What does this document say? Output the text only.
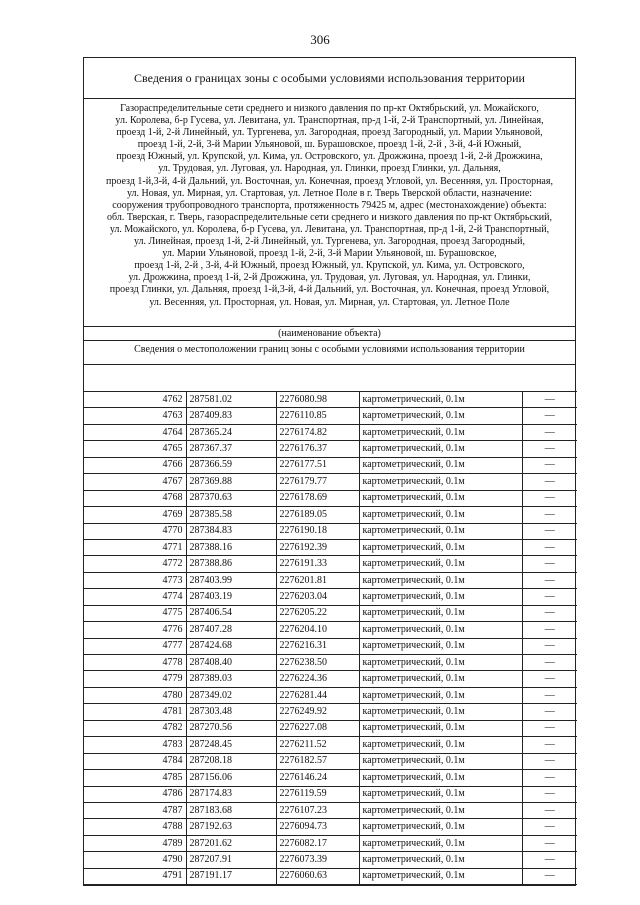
306
Сведения о границах зоны с особыми условиями использования территории
Газораспределительные сети среднего и низкого давления по пр-кт Октябрьский, ул. Можайского,
ул. Королева, б-р Гусева, ул. Левитана, ул. Транспортная, пр-д 1-й, 2-й Транспортный, ул. Линейная,
проезд 1-й, 2-й Линейный, ул. Тургенева, ул. Загородная, проезд Загородный, ул. Марии Ульяновой,
проезд 1-й, 2-й, 3-й Марии Ульяновой, ш. Бурашовское, проезд 1-й, 2-й , 3-й, 4-й Южный,
проезд Южный, ул. Крупской, ул. Кима, ул. Островского, ул. Дрожжина, проезд 1-й, 2-й Дрожжина,
ул. Трудовая, ул. Луговая, ул. Народная, ул. Глинки, проезд Глинки, ул. Дальняя,
проезд 1-й,3-й, 4-й Дальний, ул. Восточная, ул. Конечная, проезд Угловой, ул. Весенняя, ул. Просторная,
ул. Новая, ул. Мирная, ул. Стартовая, ул. Летное Поле в г. Тверь Тверской области, назначение:
сооружения трубопроводного транспорта, протяженность 79425 м, адрес (местонахождение) объекта:
обл. Тверская, г. Тверь, газораспределительные сети среднего и низкого давления по пр-кт Октябрьский,
ул. Можайского, ул. Королева, б-р Гусева, ул. Левитана, ул. Транспортная, пр-д 1-й, 2-й Транспортный,
ул. Линейная, проезд 1-й, 2-й Линейный, ул. Тургенева, ул. Загородная, проезд Загородный,
ул. Марии Ульяновой, проезд 1-й, 2-й, 3-й Марии Ульяновой, ш. Бурашовское,
проезд 1-й, 2-й , 3-й, 4-й Южный, проезд Южный, ул. Крупской, ул. Кима, ул. Островского,
ул. Дрожжина, проезд 1-й, 2-й Дрожжина, ул. Трудовая, ул. Луговая, ул. Народная, ул. Глинки,
проезд Глинки, ул. Дальняя, проезд 1-й,3-й, 4-й Дальний, ул. Восточная, ул. Конечная, проезд Угловой,
ул. Весенняя, ул. Просторная, ул. Новая, ул. Мирная, ул. Стартовая, ул. Летное Поле
(наименование объекта)
Сведения о местоположении границ зоны с особыми условиями использования территории
4762	287581.02	2276080.98	картометрический, 0.1м	—
4763	287409.83	2276110.85	картометрический, 0.1м	—
4764	287365.24	2276174.82	картометрический, 0.1м	—
4765	287367.37	2276176.37	картометрический, 0.1м	—
4766	287366.59	2276177.51	картометрический, 0.1м	—
4767	287369.88	2276179.77	картометрический, 0.1м	—
4768	287370.63	2276178.69	картометрический, 0.1м	—
4769	287385.58	2276189.05	картометрический, 0.1м	—
4770	287384.83	2276190.18	картометрический, 0.1м	—
4771	287388.16	2276192.39	картометрический, 0.1м	—
4772	287388.86	2276191.33	картометрический, 0.1м	—
4773	287403.99	2276201.81	картометрический, 0.1м	—
4774	287403.19	2276203.04	картометрический, 0.1м	—
4775	287406.54	2276205.22	картометрический, 0.1м	—
4776	287407.28	2276204.10	картометрический, 0.1м	—
4777	287424.68	2276216.31	картометрический, 0.1м	—
4778	287408.40	2276238.50	картометрический, 0.1м	—
4779	287389.03	2276224.36	картометрический, 0.1м	—
4780	287349.02	2276281.44	картометрический, 0.1м	—
4781	287303.48	2276249.92	картометрический, 0.1м	—
4782	287270.56	2276227.08	картометрический, 0.1м	—
4783	287248.45	2276211.52	картометрический, 0.1м	—
4784	287208.18	2276182.57	картометрический, 0.1м	—
4785	287156.06	2276146.24	картометрический, 0.1м	—
4786	287174.83	2276119.59	картометрический, 0.1м	—
4787	287183.68	2276107.23	картометрический, 0.1м	—
4788	287192.63	2276094.73	картометрический, 0.1м	—
4789	287201.62	2276082.17	картометрический, 0.1м	—
4790	287207.91	2276073.39	картометрический, 0.1м	—
4791	287191.17	2276060.63	картометрический, 0.1м	—
